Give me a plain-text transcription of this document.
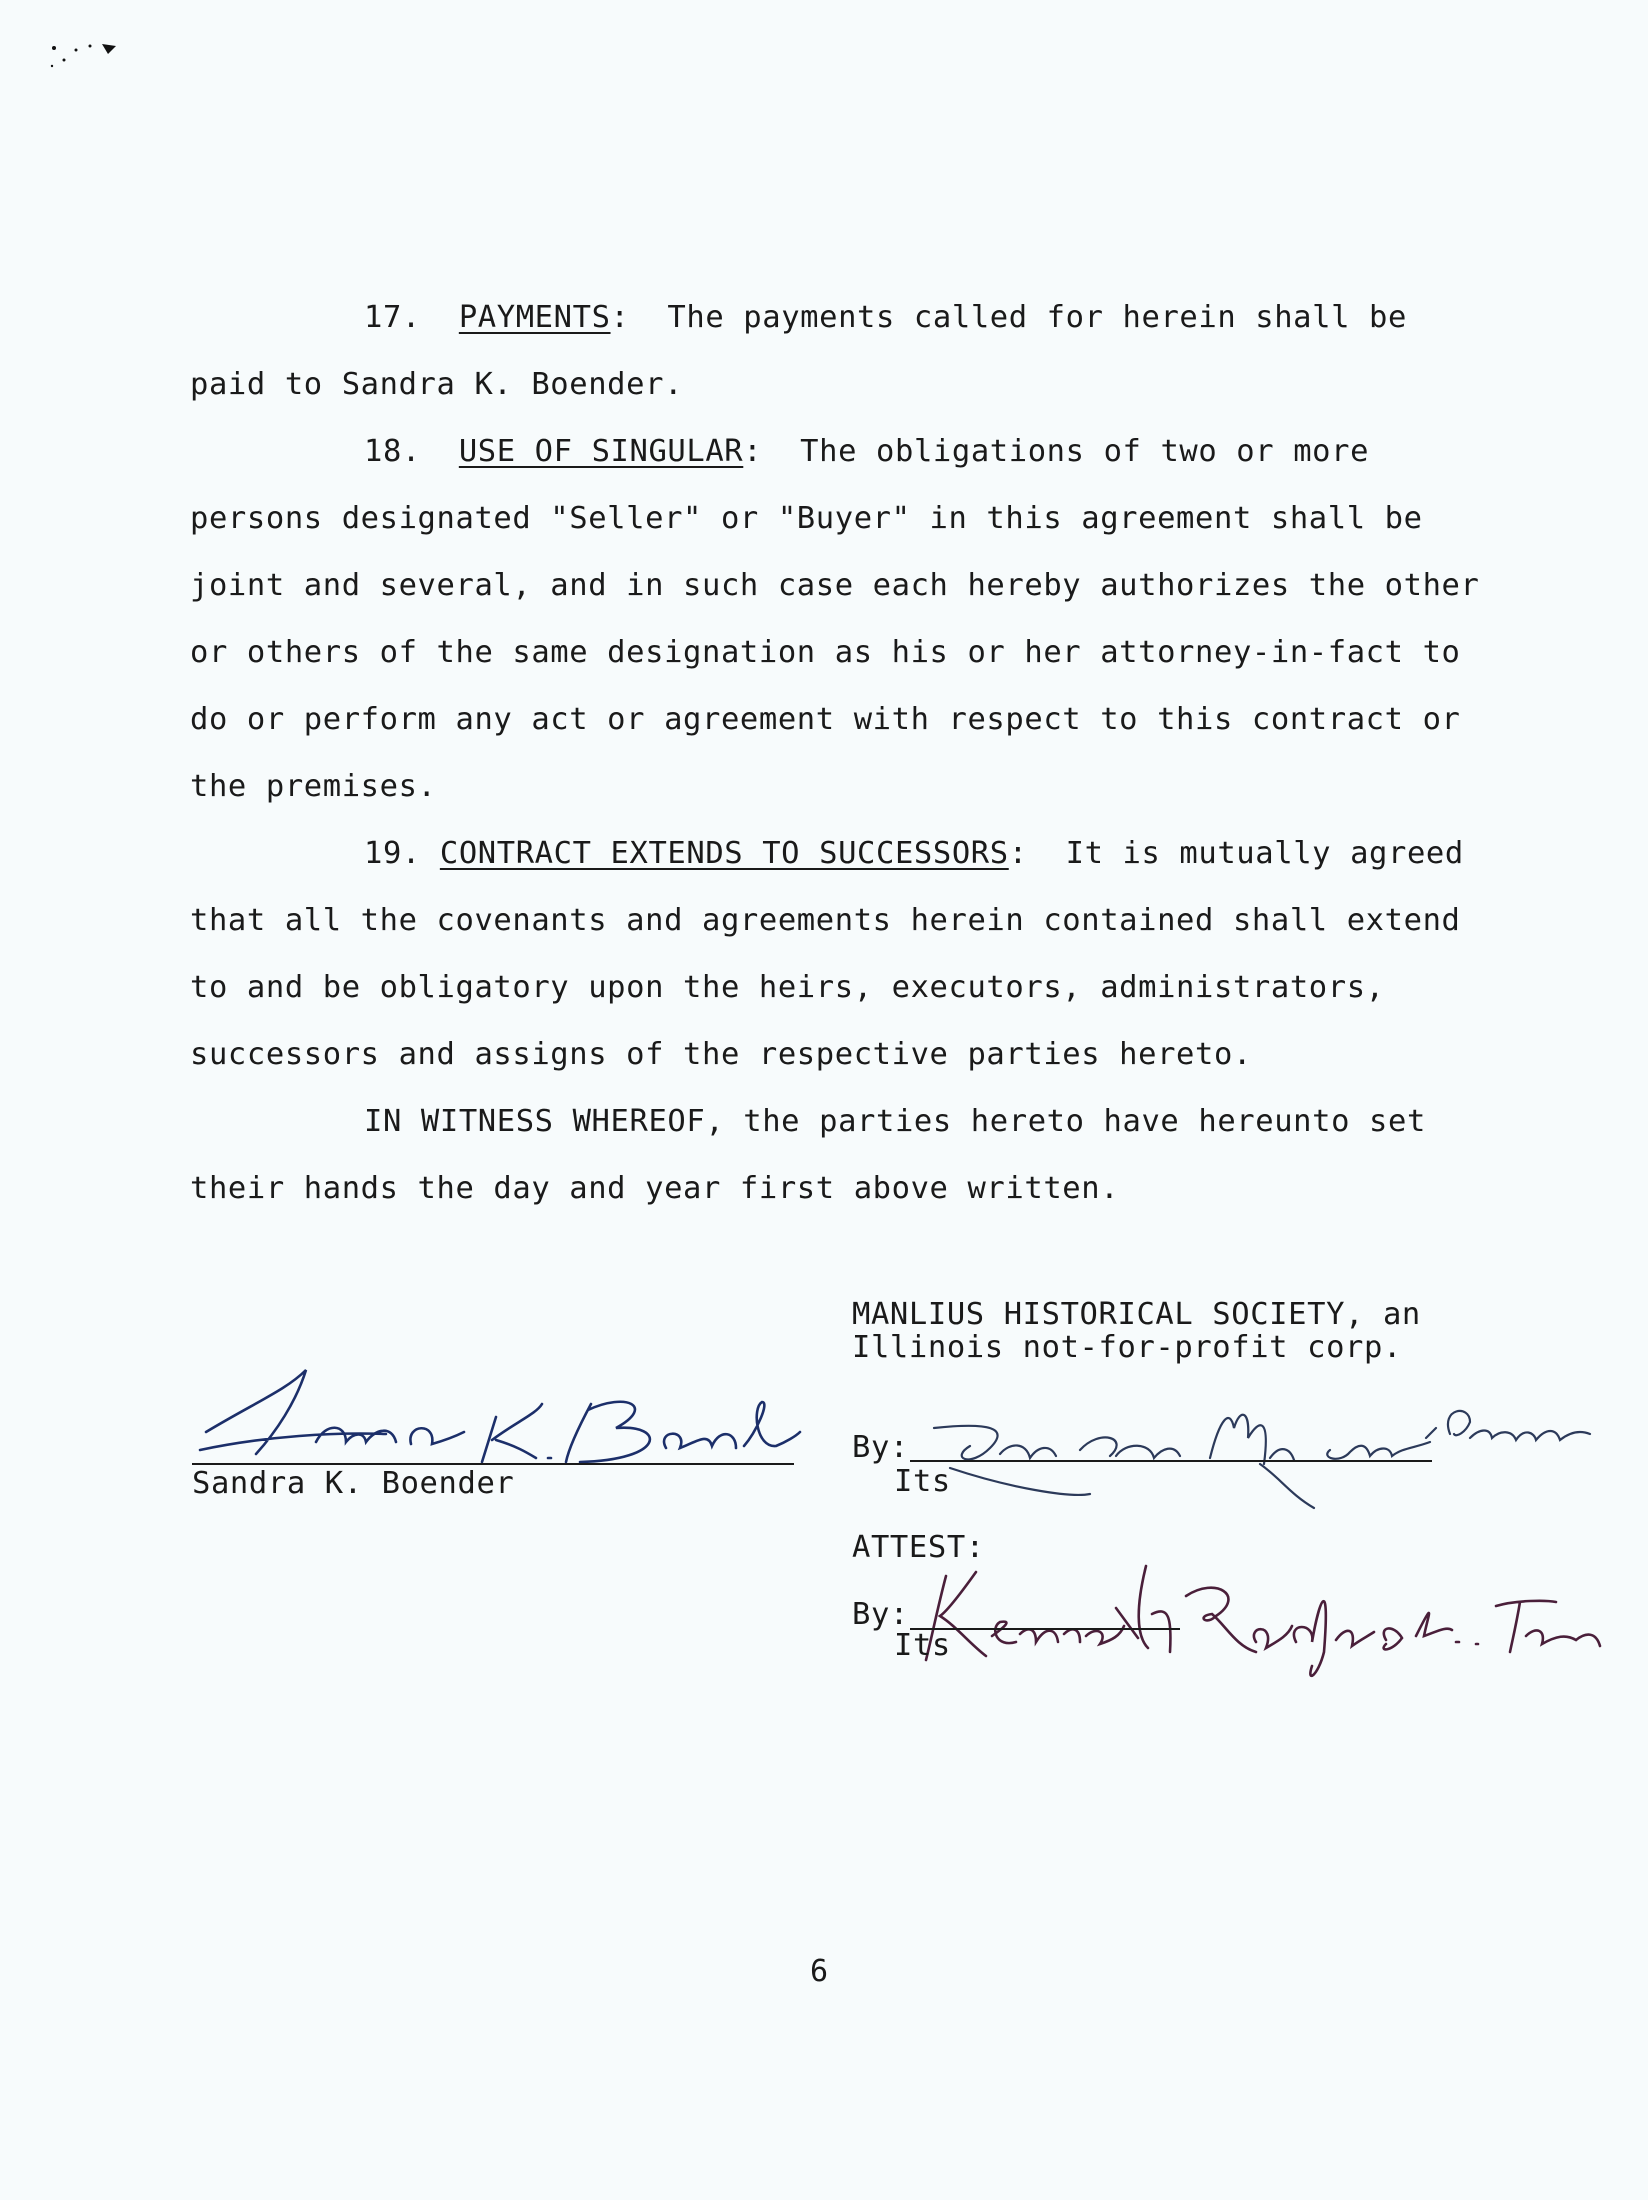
17. PAYMENTS:  The payments called for herein shall be paid to Sandra K. Boender.

18. USE OF SINGULAR:  The obligations of two or more persons designated "Seller" or "Buyer" in this agreement shall be joint and several, and in such case each hereby authorizes the other or others of the same designation as his or her attorney-in-fact to do or perform any act or agreement with respect to this contract or the premises.

19. CONTRACT EXTENDS TO SUCCESSORS:  It is mutually agreed that all the covenants and agreements herein contained shall extend to and be obligatory upon the heirs, executors, administrators, successors and assigns of the respective parties hereto.

IN WITNESS WHEREOF, the parties hereto have hereunto set their hands the day and year first above written.

MANLIUS HISTORICAL SOCIETY, an
Illinois not-for-profit corp.
Sandra K. Boender
By:
Its
ATTEST:
By:
Its
6
